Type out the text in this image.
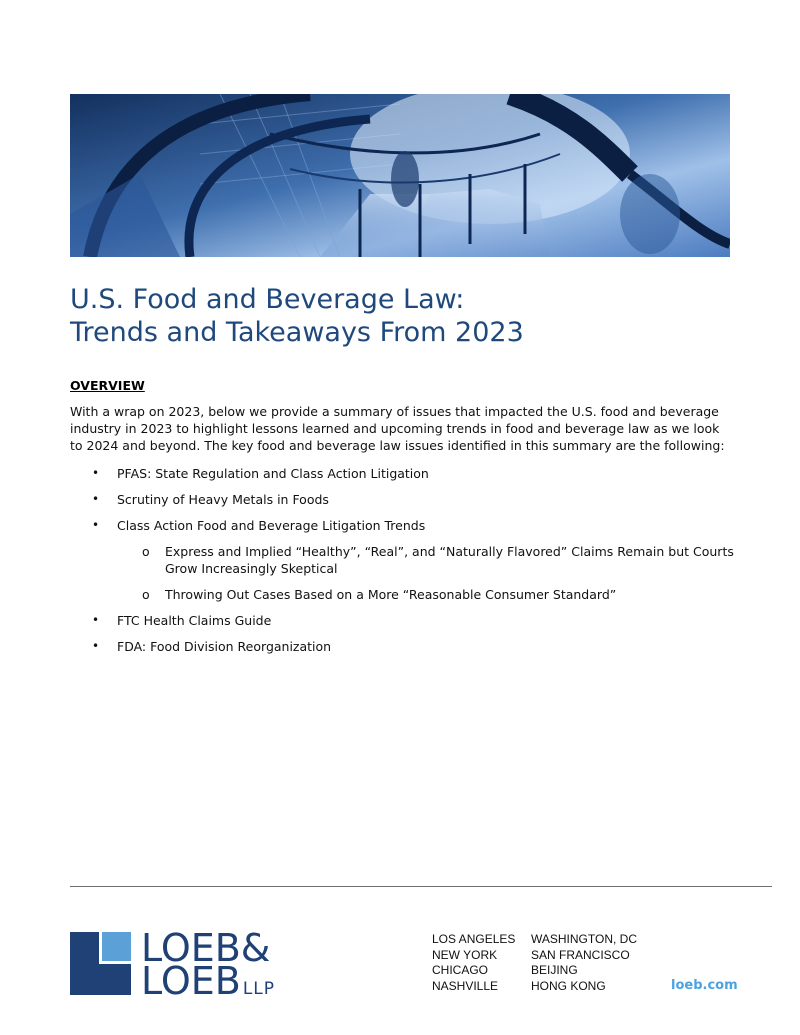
U.S. Food and Beverage Law:
Trends and Takeaways From 2023

OVERVIEW

With a wrap on 2023, below we provide a summary of issues that impacted the U.S. food and beverage industry in 2023 to highlight lessons learned and upcoming trends in food and beverage law as we look to 2024 and beyond. The key food and beverage law issues identified in this summary are the following:

• PFAS: State Regulation and Class Action Litigation
• Scrutiny of Heavy Metals in Foods
• Class Action Food and Beverage Litigation Trends
o Express and Implied “Healthy”, “Real”, and “Naturally Flavored” Claims Remain but Courts Grow Increasingly Skeptical
o Throwing Out Cases Based on a More “Reasonable Consumer Standard”
• FTC Health Claims Guide
• FDA: Food Division Reorganization
LOEB&
LOEB LLP
LOS ANGELES
NEW YORK
CHICAGO
NASHVILLE
WASHINGTON, DC
SAN FRANCISCO
BEIJING
HONG KONG	loeb.com
